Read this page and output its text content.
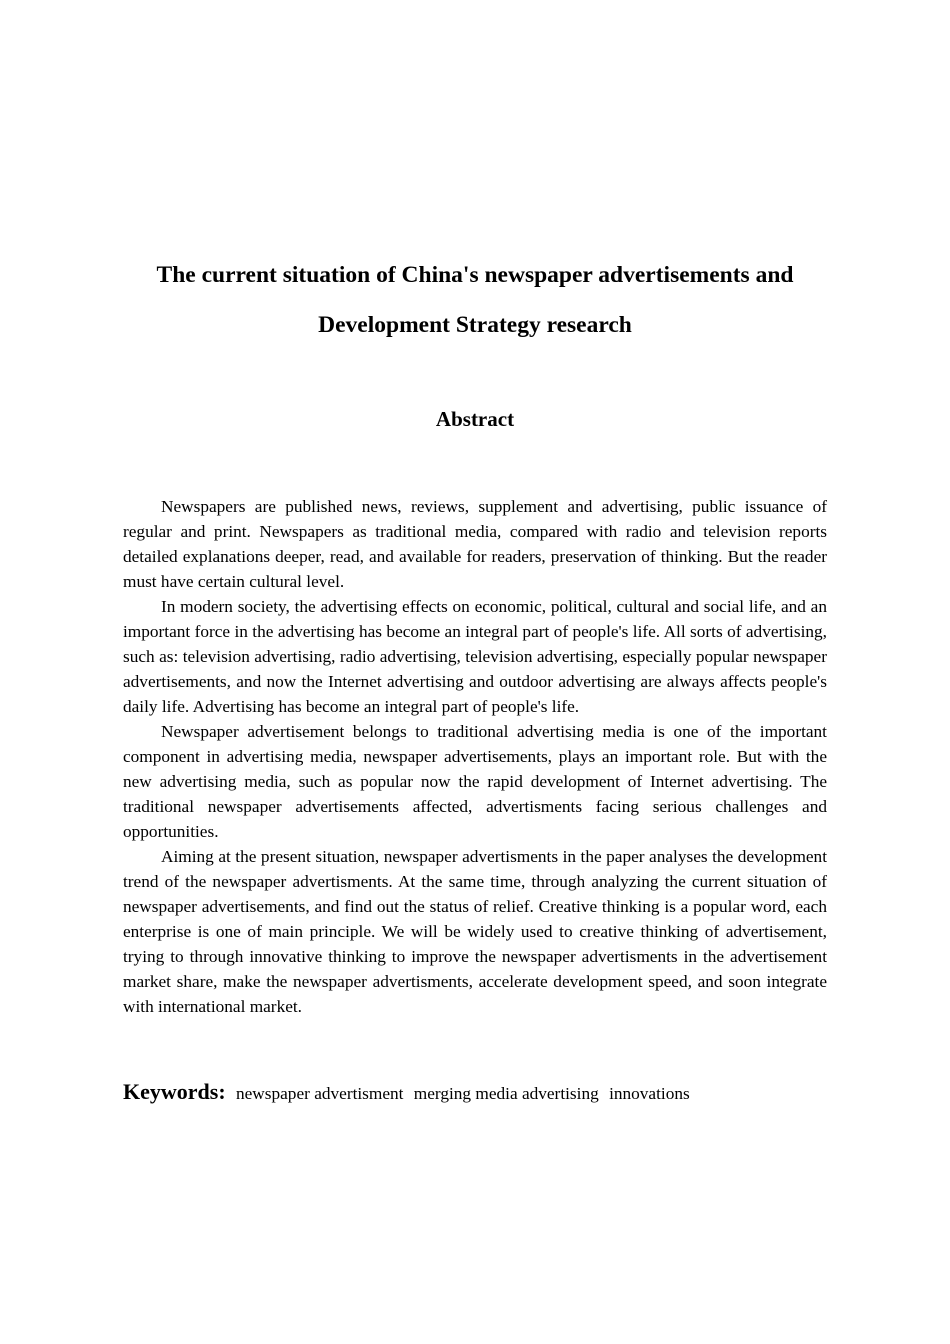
The current situation of China's newspaper advertisements and
Development Strategy research
Abstract

Newspapers are published news, reviews, supplement and advertising, public issuance of regular and print. Newspapers as traditional media, compared with radio and television reports detailed explanations deeper, read, and available for readers, preservation of thinking. But the reader must have certain cultural level.

In modern society, the advertising effects on economic, political, cultural and social life, and an important force in the advertising has become an integral part of people's life. All sorts of advertising, such as: television advertising, radio advertising, television advertising, especially popular newspaper advertisements, and now the Internet advertising and outdoor advertising are always affects people's daily life. Advertising has become an integral part of people's life.

Newspaper advertisement belongs to traditional advertising media is one of the important component in advertising media, newspaper advertisements, plays an important role. But with the new advertising media, such as popular now the rapid development of Internet advertising. The traditional newspaper advertisements affected, advertisments facing serious challenges and opportunities.

Aiming at the present situation, newspaper advertisments in the paper analyses the development trend of the newspaper advertisments. At the same time, through analyzing the current situation of newspaper advertisements, and find out the status of relief. Creative thinking is a popular word, each enterprise is one of main principle. We will be widely used to creative thinking of advertisement, trying to through innovative thinking to improve the newspaper advertisments in the advertisement market share, make the newspaper advertisments, accelerate development speed, and soon integrate with international market.

Keywords: newspaper advertisment merging media advertising innovations
